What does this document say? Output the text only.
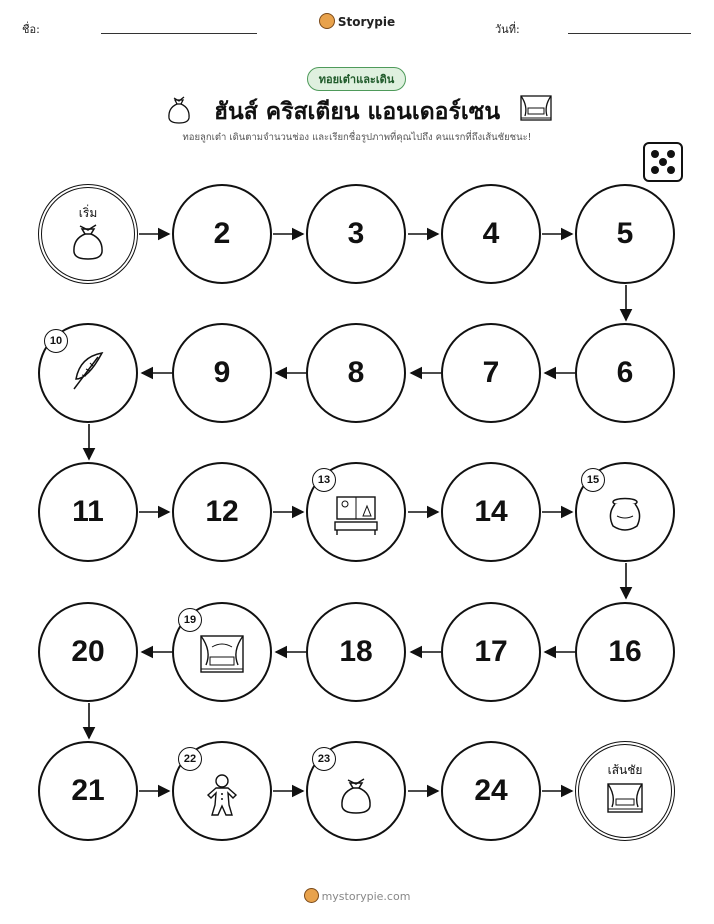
ชื่อ:
Storypie
วันที่:
ทอยเต๋าและเดิน
ฮันส์ คริสเตียน แอนเดอร์เซน
ทอยลูกเต๋า เดินตามจำนวนช่อง และเรียกชื่อรูปภาพที่คุณไปถึง คนแรกที่ถึงเส้นชัยชนะ!
เริ่ม
2	3	4	5
10
9	8	7	6
11	12
13
14
15
20
19
18	17	16
21
22	23
24
เส้นชัย
mystorypie.com
